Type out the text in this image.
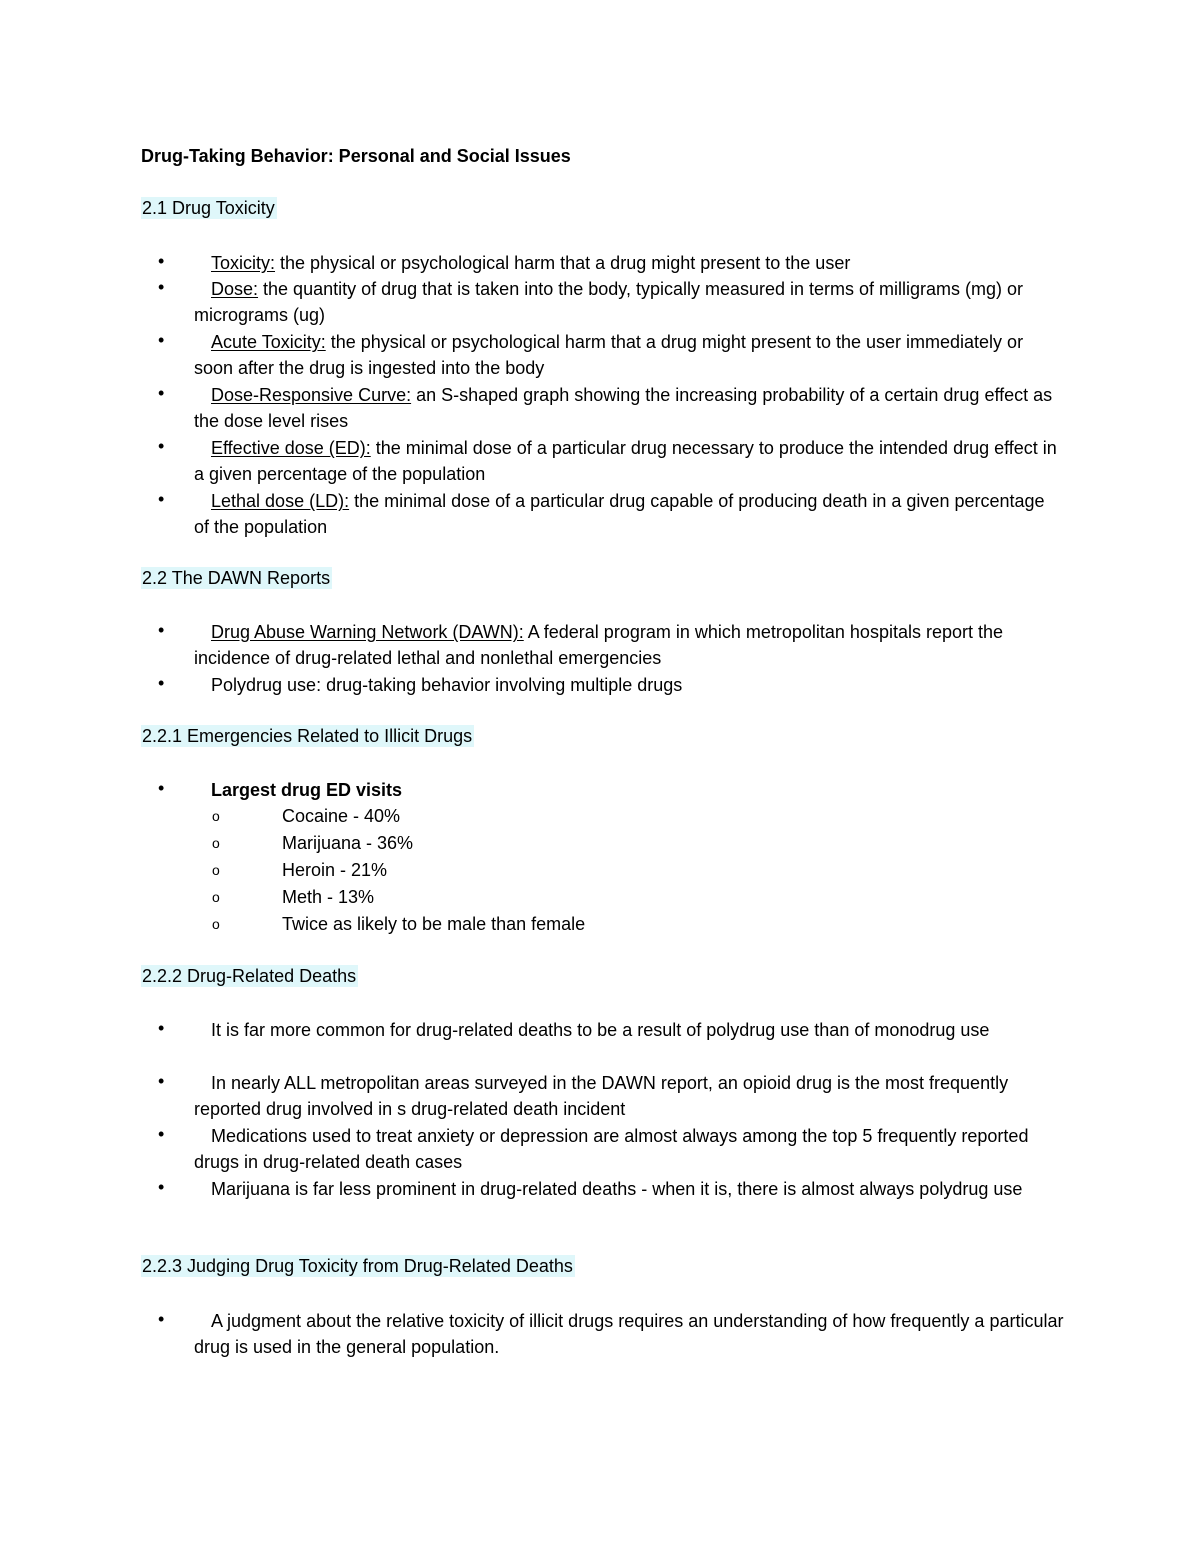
Drug-Taking Behavior: Personal and Social Issues
2.1 Drug Toxicity
•	Toxicity: the physical or psychological harm that a drug might present to the user
•	Dose: the quantity of drug that is taken into the body, typically measured in terms of milligrams (mg) or micrograms (ug)
•	Acute Toxicity: the physical or psychological harm that a drug might present to the user immediately or soon after the drug is ingested into the body
•	Dose-Responsive Curve: an S-shaped graph showing the increasing probability of a certain drug effect as the dose level rises
•	Effective dose (ED): the minimal dose of a particular drug necessary to produce the intended drug effect in a given percentage of the population
•	Lethal dose (LD): the minimal dose of a particular drug capable of producing death in a given percentage of the population
2.2 The DAWN Reports
•	Drug Abuse Warning Network (DAWN): A federal program in which metropolitan hospitals report the incidence of drug-related lethal and nonlethal emergencies
•	Polydrug use: drug-taking behavior involving multiple drugs
2.2.1 Emergencies Related to Illicit Drugs
•	Largest drug ED visits
o	Cocaine - 40%
o	Marijuana - 36%
o	Heroin - 21%
o	Meth - 13%
o	Twice as likely to be male than female
2.2.2 Drug-Related Deaths
•	It is far more common for drug-related deaths to be a result of polydrug use than of monodrug use
•	In nearly ALL metropolitan areas surveyed in the DAWN report, an opioid drug is the most frequently reported drug involved in s drug-related death incident
•	Medications used to treat anxiety or depression are almost always among the top 5 frequently reported drugs in drug-related death cases
•	Marijuana is far less prominent in drug-related deaths - when it is, there is almost always polydrug use
2.2.3 Judging Drug Toxicity from Drug-Related Deaths
•	A judgment about the relative toxicity of illicit drugs requires an understanding of how frequently a particular drug is used in the general population.
